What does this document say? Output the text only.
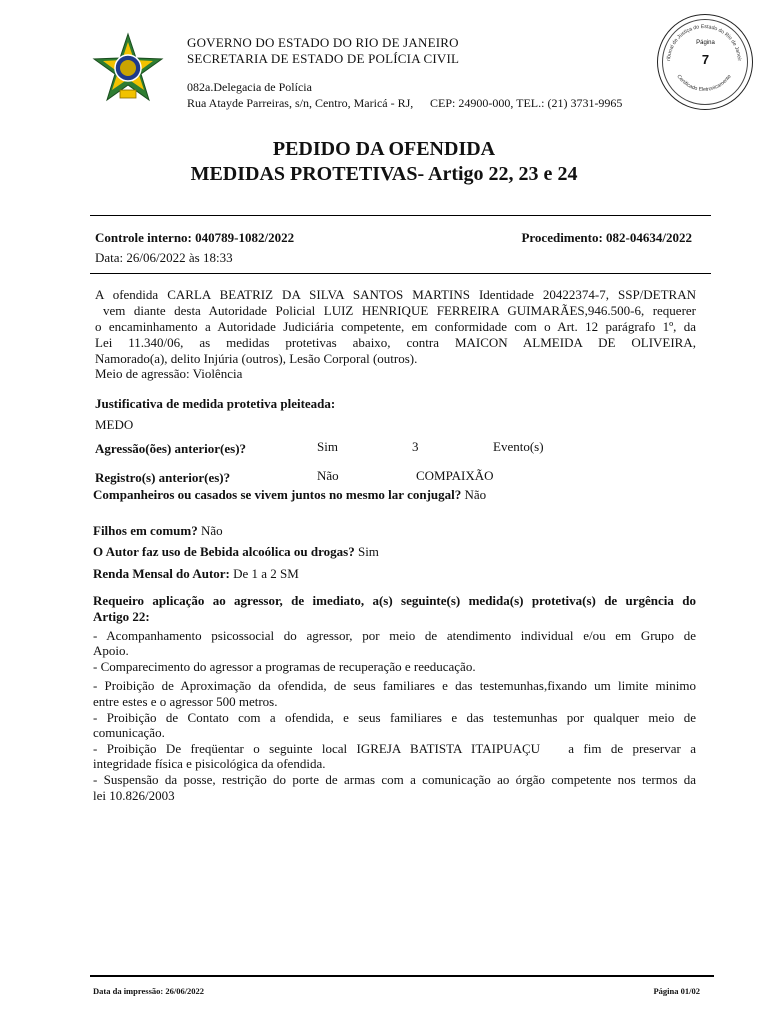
GOVERNO DO ESTADO DO RIO DE JANEIRO
SECRETARIA DE ESTADO DE POLÍCIA CIVIL
082a.Delegacia de Polícia
Rua Atayde Parreiras, s/n, Centro, Maricá - RJ, CEP: 24900-000, TEL.: (21) 3731-9965
ribunal de Justiça do Estado do Rio de Janeir
Certificado Eletronicamente
Página
7
PEDIDO DA OFENDIDA
MEDIDAS PROTETIVAS- Artigo 22, 23 e 24
Controle interno: 040789-1082/2022	Procedimento: 082-04634/2022
Data: 26/06/2022 às 18:33
A ofendida CARLA BEATRIZ DA SILVA SANTOS MARTINS Identidade 20422374-7, SSP/DETRAN
vem diante desta Autoridade Policial LUIZ HENRIQUE FERREIRA GUIMARÃES,946.500-6, requerer
o encaminhamento a Autoridade Judiciária competente, em conformidade com o Art. 12 parágrafo 1º, da
Lei 11.340/06, as medidas protetivas abaixo, contra MAICON ALMEIDA DE OLIVEIRA,
Namorado(a), delito Injúria (outros), Lesão Corporal (outros).
Meio de agressão: Violência
Justificativa de medida protetiva pleiteada:
MEDO
Agressão(ões) anterior(es)?	Sim	3	Evento(s)
Registro(s) anterior(es)?	Não	COMPAIXÃO
Companheiros ou casados se vivem juntos no mesmo lar conjugal? Não
Filhos em comum? Não
O Autor faz uso de Bebida alcoólica ou drogas? Sim
Renda Mensal do Autor: De 1 a 2 SM
Requeiro aplicação ao agressor, de imediato, a(s) seguinte(s) medida(s) protetiva(s) de urgência do
Artigo 22:
- Acompanhamento psicossocial do agressor, por meio de atendimento individual e/ou em Grupo de
Apoio.
- Comparecimento do agressor a programas de recuperação e reeducação.
- Proibição de Aproximação da ofendida, de seus familiares e das testemunhas,fixando um limite minimo
entre estes e o agressor 500 metros.
- Proibição de Contato com a ofendida, e seus familiares e das testemunhas por qualquer meio de
comunicação.
- Proibição De freqüentar o seguinte local IGREJA BATISTA ITAIPUAÇU   a fim de preservar a
integridade física e pisicológica da ofendida.
- Suspensão da posse, restrição do porte de armas com a comunicação ao órgão competente nos termos da
lei 10.826/2003
Data da impressão: 26/06/2022	Página 01/02
